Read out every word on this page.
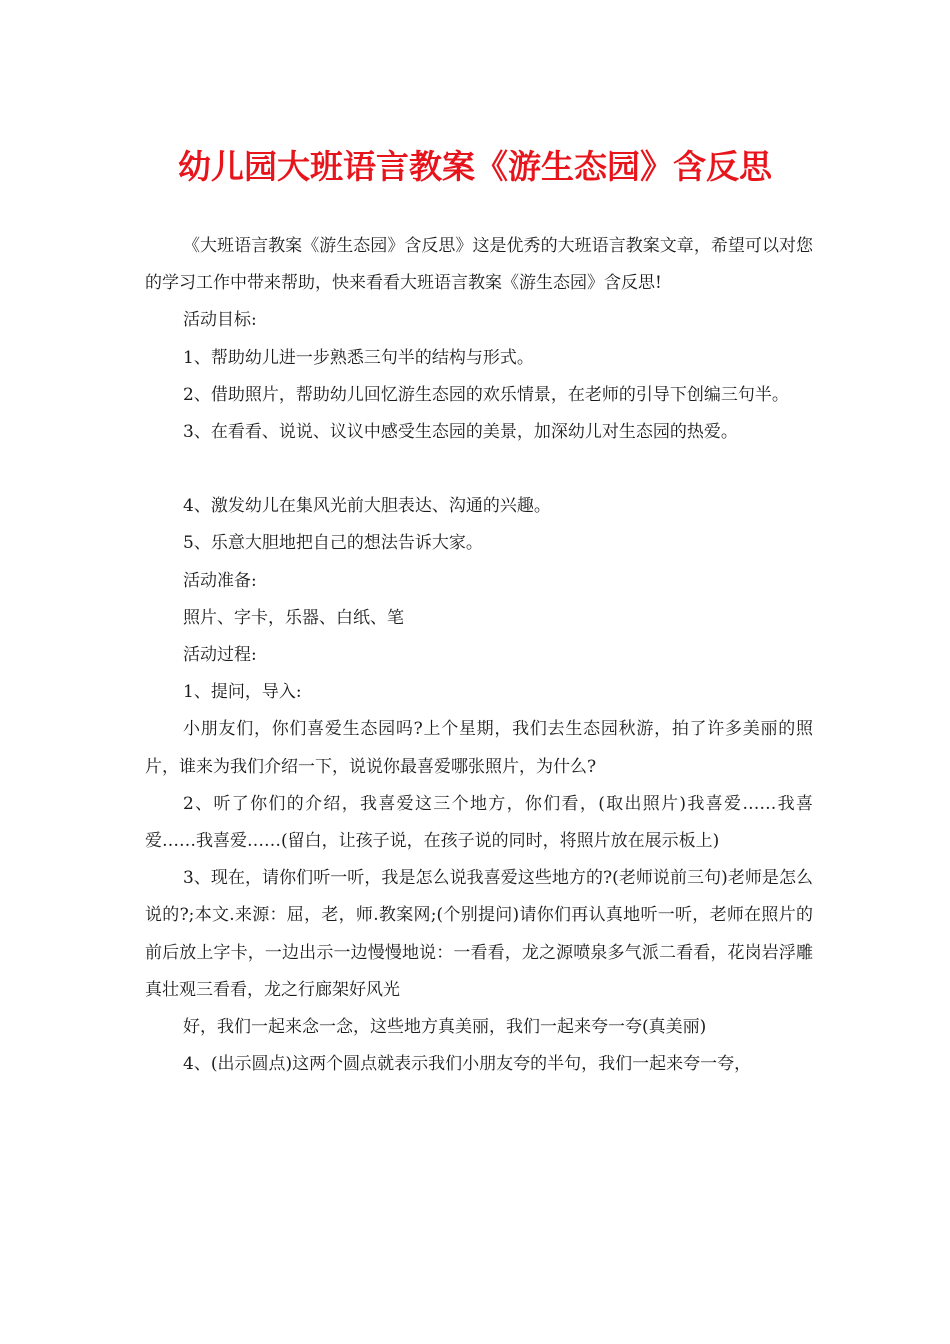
幼儿园大班语言教案《游生态园》含反思

《大班语言教案《游生态园》含反思》这是优秀的大班语言教案文章，希望可以对您的学习工作中带来帮助，快来看看大班语言教案《游生态园》含反思!

活动目标:

1、帮助幼儿进一步熟悉三句半的结构与形式。

2、借助照片，帮助幼儿回忆游生态园的欢乐情景，在老师的引导下创编三句半。

3、在看看、说说、议议中感受生态园的美景，加深幼儿对生态园的热爱。

4、激发幼儿在集风光前大胆表达、沟通的兴趣。

5、乐意大胆地把自己的想法告诉大家。

活动准备:

照片、字卡，乐器、白纸、笔

活动过程:

1、提问，导入:

小朋友们，你们喜爱生态园吗?上个星期，我们去生态园秋游，拍了许多美丽的照片，谁来为我们介绍一下，说说你最喜爱哪张照片，为什么?

2、听了你们的介绍，我喜爱这三个地方，你们看，(取出照片)我喜爱……我喜爱……我喜爱……(留白，让孩子说，在孩子说的同时，将照片放在展示板上)

3、现在，请你们听一听，我是怎么说我喜爱这些地方的?(老师说前三句)老师是怎么说的?;本文.来源：屈，老，师.教案网;(个别提问)请你们再认真地听一听，老师在照片的前后放上字卡，一边出示一边慢慢地说：一看看，龙之源喷泉多气派二看看，花岗岩浮雕真壮观三看看，龙之行廊架好风光

好，我们一起来念一念，这些地方真美丽，我们一起来夸一夸(真美丽)

4、(出示圆点)这两个圆点就表示我们小朋友夸的半句，我们一起来夸一夸，
